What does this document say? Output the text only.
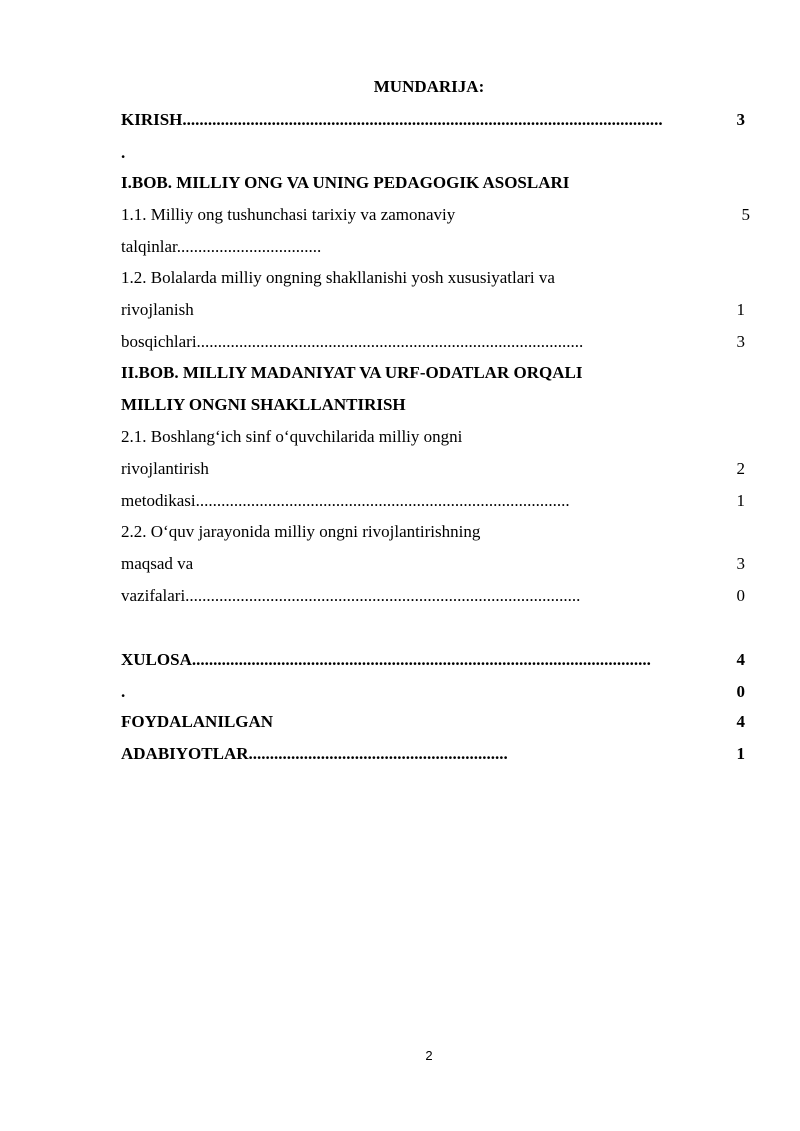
MUNDARIJA:
KIRISH.................................................................................................................	3
.
I.BOB. MILLIY ONG VA UNING PEDAGOGIK ASOSLARI
1.1. Milliy ong tushunchasi tarixiy va zamonaviy	5
talqinlar..................................
1.2. Bolalarda milliy ongning shakllanishi yosh xususiyatlari va
rivojlanish	1
bosqichlari...........................................................................................	3
II.BOB. MILLIY MADANIYAT VA URF-ODATLAR ORQALI
MILLIY ONGNI SHAKLLANTIRISH
2.1. Boshlang‘ich sinf o‘quvchilarida milliy ongni
rivojlantirish	2
metodikasi........................................................................................	1
2.2. O‘quv jarayonida milliy ongni rivojlantirishning
maqsad va	3
vazifalari.............................................................................................	0
XULOSA............................................................................................................	4
.	0
FOYDALANILGAN	4
ADABIYOTLAR.............................................................	1
2
